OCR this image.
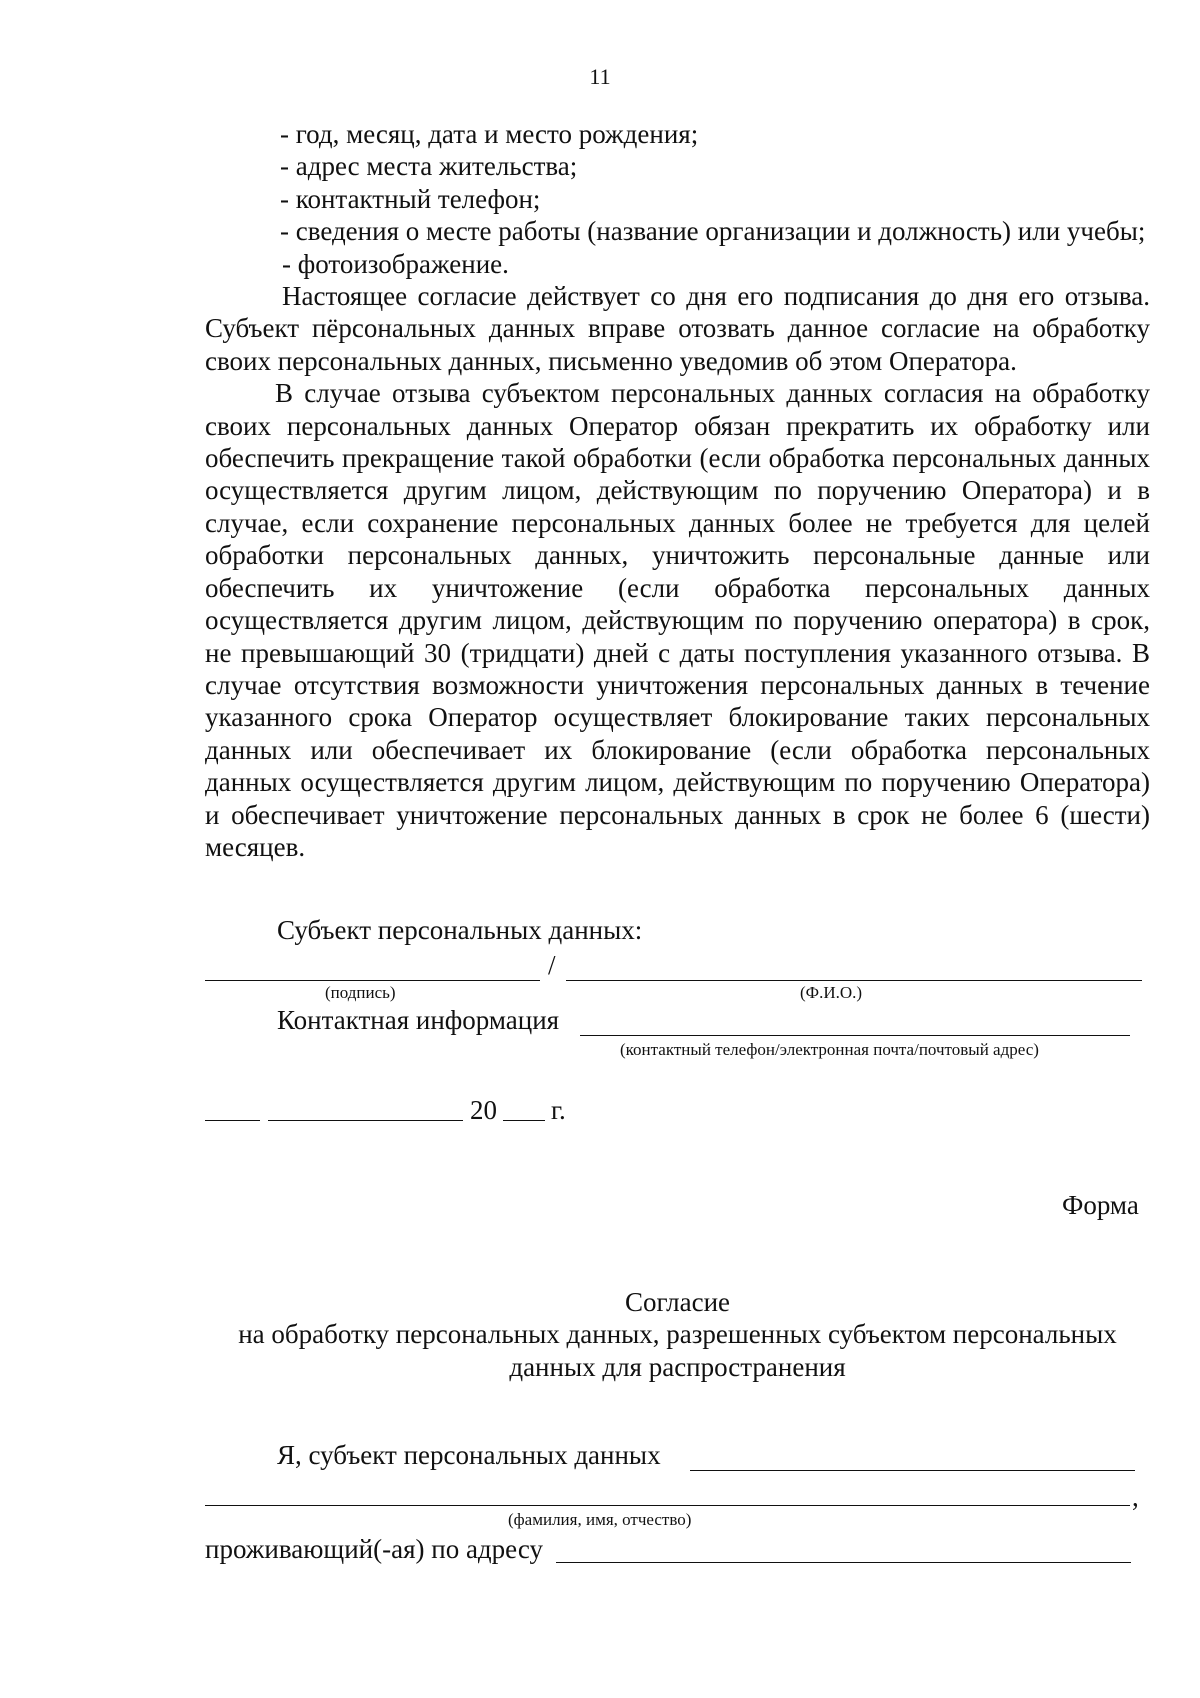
11

- год, месяц, дата и место рождения;

- адрес места жительства;

- контактный телефон;

- сведения о месте работы (название организации и должность) или учебы;

- фотоизображение.

Настоящее согласие действует со дня его подписания до дня его отзыва. Субъект пёрсональных данных вправе отозвать данное согласие на обработку своих персональных данных, письменно уведомив об этом Оператора.

В случае отзыва субъектом персональных данных согласия на обработку своих персональных данных Оператор обязан прекратить их обработку или обеспечить прекращение такой обработки (если обработка персональных данных осуществляется другим лицом, действующим по поручению Оператора) и в случае, если сохранение персональных данных более не требуется для целей обработки персональных данных, уничтожить персональные данные или обеспечить их уничтожение (если обработка персональных данных осуществляется другим лицом, действующим по поручению оператора) в срок, не превышающий 30 (тридцати) дней с даты поступления указанного отзыва. В случае отсутствия возможности уничтожения персональных данных в течение указанного срока Оператор осуществляет блокирование таких персональных данных или обеспечивает их блокирование (если обработка персональных данных осуществляется другим лицом, действующим по поручению Оператора) и обеспечивает уничтожение персональных данных в срок не более 6 (шести) месяцев.

Субъект персональных данных:
/
(подпись)	(Ф.И.О.)
Контактная информация
(контактный телефон/электронная почта/почтовый адрес)
20 г.
Форма
Согласие
на обработку персональных данных, разрешенных субъектом персональных
данных для распространения
Я, субъект персональных данных
,
(фамилия, имя, отчество)
проживающий(-ая) по адресу
